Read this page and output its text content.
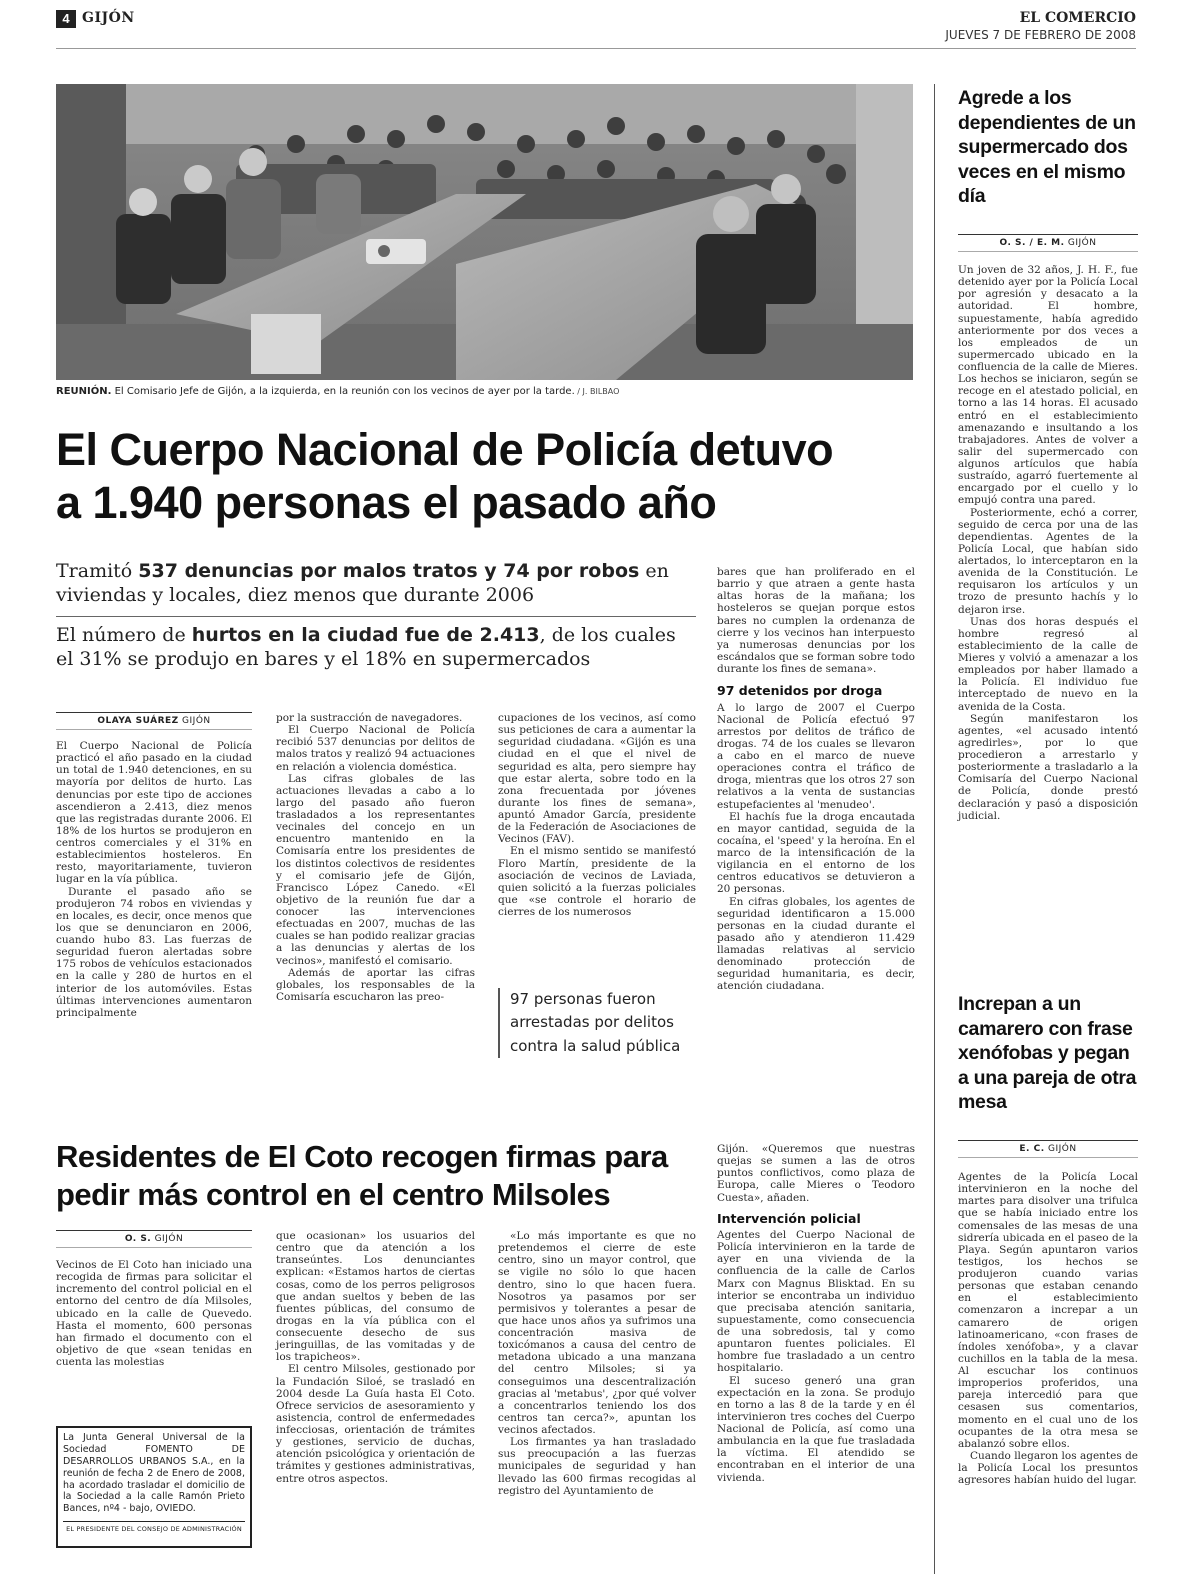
4 GIJÓN	EL COMERCIO
JUEVES 7 DE FEBRERO DE 2008
REUNIÓN. El Comisario Jefe de Gijón, a la izquierda, en la reunión con los vecinos de ayer por la tarde. / J. BILBAO
El Cuerpo Nacional de Policía detuvo
a 1.940 personas el pasado año
Tramitó 537 denuncias por malos tratos y 74 por robos en viviendas y locales, diez menos que durante 2006
El número de hurtos en la ciudad fue de 2.413, de los cuales el 31% se produjo en bares y el 18% en supermercados
OLAYA SUÁREZ GIJÓN

El Cuerpo Nacional de Policía practicó el año pasado en la ciudad un total de 1.940 detenciones, en su mayoría por delitos de hurto. Las denuncias por este tipo de acciones ascendieron a 2.413, diez menos que las registradas durante 2006. El 18% de los hurtos se produjeron en centros comerciales y el 31% en establecimientos hosteleros. En resto, mayoritariamente, tuvieron lugar en la vía pública.

Durante el pasado año se produjeron 74 robos en viviendas y en locales, es decir, once menos que los que se denunciaron en 2006, cuando hubo 83. Las fuerzas de seguridad fueron alertadas sobre 175 robos de vehículos estacionados en la calle y 280 de hurtos en el interior de los automóviles. Estas últimas intervenciones aumentaron principalmente

por la sustracción de navegadores.

El Cuerpo Nacional de Policía recibió 537 denuncias por delitos de malos tratos y realizó 94 actuaciones en relación a violencia doméstica.

Las cifras globales de las actuaciones llevadas a cabo a lo largo del pasado año fueron trasladados a los representantes vecinales del concejo en un encuentro mantenido en la Comisaría entre los presidentes de los distintos colectivos de residentes y el comisario jefe de Gijón, Francisco López Canedo. «El objetivo de la reunión fue dar a conocer las intervenciones efectuadas en 2007, muchas de las cuales se han podido realizar gracias a las denuncias y alertas de los vecinos», manifestó el comisario.

Además de aportar las cifras globales, los responsables de la Comisaría escucharon las preo-

cupaciones de los vecinos, así como sus peticiones de cara a aumentar la seguridad ciudadana. «Gijón es una ciudad en el que el nivel de seguridad es alta, pero siempre hay que estar alerta, sobre todo en la zona frecuentada por jóvenes durante los fines de semana», apuntó Amador García, presidente de la Federación de Asociaciones de Vecinos (FAV).

En el mismo sentido se manifestó Floro Martín, presidente de la asociación de vecinos de Laviada, quien solicitó a la fuerzas policiales que «se controle el horario de cierres de los numerosos

97 personas fueron arrestadas por delitos contra la salud pública

bares que han proliferado en el barrio y que atraen a gente hasta altas horas de la mañana; los hosteleros se quejan porque estos bares no cumplen la ordenanza de cierre y los vecinos han interpuesto ya numerosas denuncias por los escándalos que se forman sobre todo durante los fines de semana».

97 detenidos por droga

A lo largo de 2007 el Cuerpo Nacional de Policía efectuó 97 arrestos por delitos de tráfico de drogas. 74 de los cuales se llevaron a cabo en el marco de nueve operaciones contra el tráfico de droga, mientras que los otros 27 son relativos a la venta de sustancias estupefacientes al 'menudeo'.

El hachís fue la droga encautada en mayor cantidad, seguida de la cocaína, el 'speed' y la heroína. En el marco de la intensificación de la vigilancia en el entorno de los centros educativos se detuvieron a 20 personas.

En cifras globales, los agentes de seguridad identificaron a 15.000 personas en la ciudad durante el pasado año y atendieron 11.429 llamadas relativas al servicio denominado protección de seguridad humanitaria, es decir, atención ciudadana.

Residentes de El Coto recogen firmas para
pedir más control en el centro Milsoles
O. S. GIJÓN

Vecinos de El Coto han iniciado una recogida de firmas para solicitar el incremento del control policial en el entorno del centro de día Milsoles, ubicado en la calle de Quevedo. Hasta el momento, 600 personas han firmado el documento con el objetivo de que «sean tenidas en cuenta las molestias

La Junta General Universal de la Sociedad FOMENTO DE DESARROLLOS URBANOS S.A., en la reunión de fecha 2 de Enero de 2008, ha acordado trasladar el domicilio de la Sociedad a la calle Ramón Prieto Bances, nº4 - bajo, OVIEDO.
EL PRESIDENTE DEL CONSEJO DE ADMINISTRACIÓN

que ocasionan» los usuarios del centro que da atención a los transeúntes. Los denunciantes explican: «Estamos hartos de ciertas cosas, como de los perros peligrosos que andan sueltos y beben de las fuentes públicas, del consumo de drogas en la vía pública con el consecuente desecho de sus jeringuillas, de las vomitadas y de los trapicheos».

El centro Milsoles, gestionado por la Fundación Siloé, se trasladó en 2004 desde La Guía hasta El Coto. Ofrece servicios de asesoramiento y asistencia, control de enfermedades infecciosas, orientación de trámites y gestiones, servicio de duchas, atención psicológica y orientación de trámites y gestiones administrativas, entre otros aspectos.

«Lo más importante es que no pretendemos el cierre de este centro, sino un mayor control, que se vigile no sólo lo que hacen dentro, sino lo que hacen fuera. Nosotros ya pasamos por ser permisivos y tolerantes a pesar de que hace unos años ya sufrimos una concentración masiva de toxicómanos a causa del centro de metadona ubicado a una manzana del centro Milsoles; si ya conseguimos una descentralización gracias al 'metabus', ¿por qué volver a concentrarlos teniendo los dos centros tan cerca?», apuntan los vecinos afectados.

Los firmantes ya han trasladado sus preocupación a las fuerzas municipales de seguridad y han llevado las 600 firmas recogidas al registro del Ayuntamiento de

Gijón. «Queremos que nuestras quejas se sumen a las de otros puntos conflictivos, como plaza de Europa, calle Mieres o Teodoro Cuesta», añaden.

Intervención policial

Agentes del Cuerpo Nacional de Policía intervinieron en la tarde de ayer en una vivienda de la confluencia de la calle de Carlos Marx con Magnus Blisktad. En su interior se encontraba un individuo que precisaba atención sanitaria, supuestamente, como consecuencia de una sobredosis, tal y como apuntaron fuentes policiales. El hombre fue trasladado a un centro hospitalario.

El suceso generó una gran expectación en la zona. Se produjo en torno a las 8 de la tarde y en él intervinieron tres coches del Cuerpo Nacional de Policía, así como una ambulancia en la que fue trasladada la víctima. El atendido se encontraban en el interior de una vivienda.

Agrede a los dependientes de un supermercado dos veces en el mismo día
O. S. / E. M. GIJÓN

Un joven de 32 años, J. H. F., fue detenido ayer por la Policía Local por agresión y desacato a la autoridad. El hombre, supuestamente, había agredido anteriormente por dos veces a los empleados de un supermercado ubicado en la confluencia de la calle de Mieres. Los hechos se iniciaron, según se recoge en el atestado policial, en torno a las 14 horas. El acusado entró en el establecimiento amenazando e insultando a los trabajadores. Antes de volver a salir del supermercado con algunos artículos que había sustraído, agarró fuertemente al encargado por el cuello y lo empujó contra una pared.

Posteriormente, echó a correr, seguido de cerca por una de las dependientas. Agentes de la Policía Local, que habían sido alertados, lo interceptaron en la avenida de la Constitución. Le requisaron los artículos y un trozo de presunto hachís y lo dejaron irse.

Unas dos horas después el hombre regresó al establecimiento de la calle de Mieres y volvió a amenazar a los empleados por haber llamado a la Policía. El individuo fue interceptado de nuevo en la avenida de la Costa.

Según manifestaron los agentes, «el acusado intentó agredirles», por lo que procedieron a arrestarlo y posteriormente a trasladarlo a la Comisaría del Cuerpo Nacional de Policía, donde prestó declaración y pasó a disposición judicial.

Increpan a un camarero con frase xenófobas y pegan a una pareja de otra mesa
E. C. GIJÓN

Agentes de la Policía Local intervinieron en la noche del martes para disolver una trifulca que se había iniciado entre los comensales de las mesas de una sidrería ubicada en el paseo de la Playa. Según apuntaron varios testigos, los hechos se produjeron cuando varias personas que estaban cenando en el establecimiento comenzaron a increpar a un camarero de origen latinoamericano, «con frases de índoles xenófoba», y a clavar cuchillos en la tabla de la mesa. Al escuchar los continuos improperios proferidos, una pareja intercedió para que cesasen sus comentarios, momento en el cual uno de los ocupantes de la otra mesa se abalanzó sobre ellos.

Cuando llegaron los agentes de la Policía Local los presuntos agresores habían huido del lugar.
